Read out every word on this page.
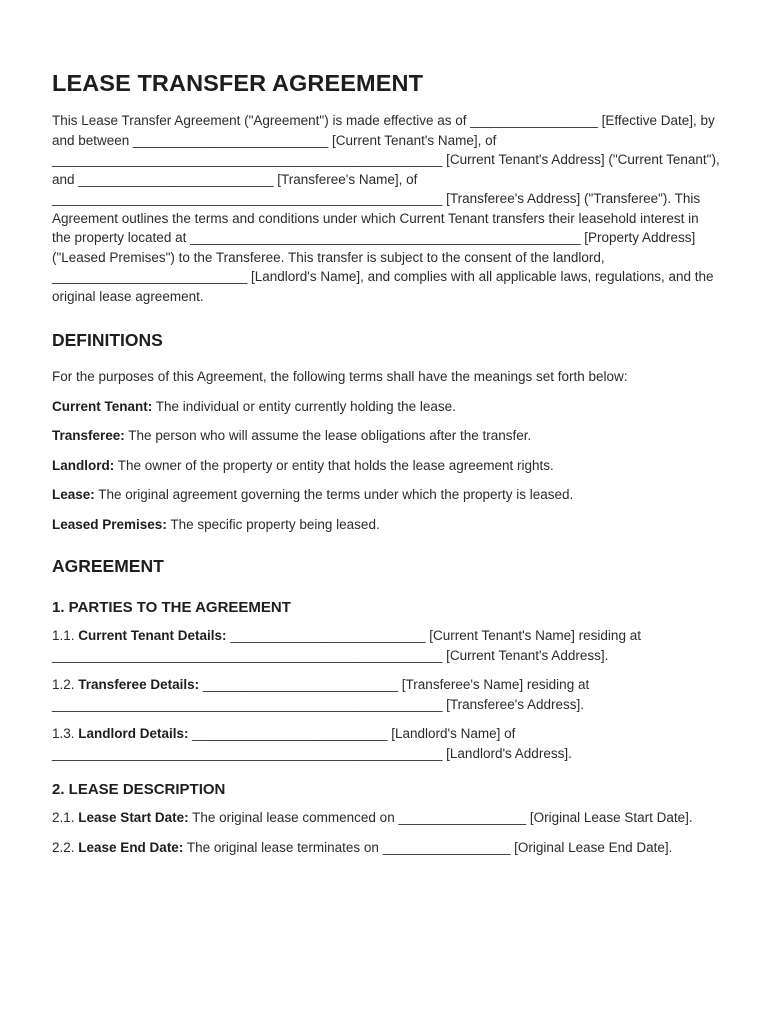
LEASE TRANSFER AGREEMENT

This Lease Transfer Agreement ("Agreement") is made effective as of _________________ [Effective Date], by and between __________________________ [Current Tenant's Name], of ____________________________________________________ [Current Tenant's Address] ("Current Tenant"), and __________________________ [Transferee's Name], of ____________________________________________________ [Transferee's Address] ("Transferee"). This Agreement outlines the terms and conditions under which Current Tenant transfers their leasehold interest in the property located at ____________________________________________________ [Property Address] ("Leased Premises") to the Transferee. This transfer is subject to the consent of the landlord, __________________________ [Landlord's Name], and complies with all applicable laws, regulations, and the original lease agreement.

DEFINITIONS

For the purposes of this Agreement, the following terms shall have the meanings set forth below:

Current Tenant: The individual or entity currently holding the lease.

Transferee: The person who will assume the lease obligations after the transfer.

Landlord: The owner of the property or entity that holds the lease agreement rights.

Lease: The original agreement governing the terms under which the property is leased.

Leased Premises: The specific property being leased.

AGREEMENT
1. PARTIES TO THE AGREEMENT

1.1. Current Tenant Details: __________________________ [Current Tenant's Name] residing at ____________________________________________________ [Current Tenant's Address].

1.2. Transferee Details: __________________________ [Transferee's Name] residing at ____________________________________________________ [Transferee's Address].

1.3. Landlord Details: __________________________ [Landlord's Name] of ____________________________________________________ [Landlord's Address].

2. LEASE DESCRIPTION

2.1. Lease Start Date: The original lease commenced on _________________ [Original Lease Start Date].

2.2. Lease End Date: The original lease terminates on _________________ [Original Lease End Date].
